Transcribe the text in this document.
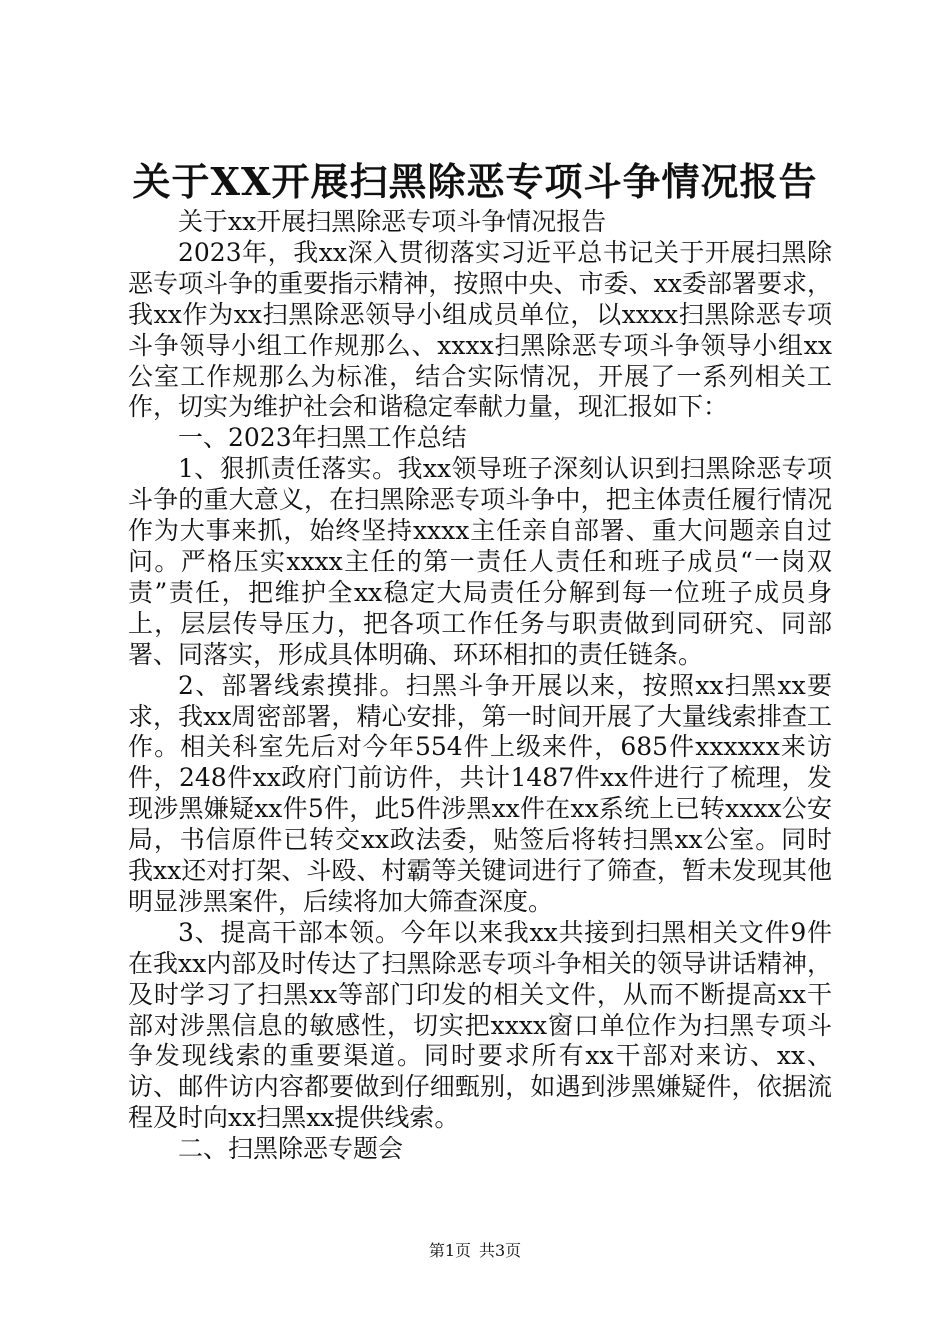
关于XX开展扫黑除恶专项斗争情况报告

关于xx开展扫黑除恶专项斗争情况报告

2023年，我xx深入贯彻落实习近平总书记关于开展扫黑除恶专项斗争的重要指示精神，按照中央、市委、xx委部署要求，我xx作为xx扫黑除恶领导小组成员单位，以xxxx扫黑除恶专项斗争领导小组工作规那么、xxxx扫黑除恶专项斗争领导小组xx公室工作规那么为标准，结合实际情况，开展了一系列相关工作，切实为维护社会和谐稳定奉献力量，现汇报如下：

一、2023年扫黑工作总结

1、狠抓责任落实。我xx领导班子深刻认识到扫黑除恶专项斗争的重大意义，在扫黑除恶专项斗争中，把主体责任履行情况作为大事来抓，始终坚持xxxx主任亲自部署、重大问题亲自过问。严格压实xxxx主任的第一责任人责任和班子成员“一岗双责”责任，把维护全xx稳定大局责任分解到每一位班子成员身上，层层传导压力，把各项工作任务与职责做到同研究、同部署、同落实，形成具体明确、环环相扣的责任链条。

2、部署线索摸排。扫黑斗争开展以来，按照xx扫黑xx要求，我xx周密部署，精心安排，第一时间开展了大量线索排查工作。相关科室先后对今年554件上级来件，685件xxxxxx来访件，248件xx政府门前访件，共计1487件xx件进行了梳理，发现涉黑嫌疑xx件5件，此5件涉黑xx件在xx系统上已转xxxx公安局，书信原件已转交xx政法委，贴签后将转扫黑xx公室。同时我xx还对打架、斗殴、村霸等关键词进行了筛查，暂未发现其他明显涉黑案件，后续将加大筛查深度。

3、提高干部本领。今年以来我xx共接到扫黑相关文件9件在我xx内部及时传达了扫黑除恶专项斗争相关的领导讲话精神，及时学习了扫黑xx等部门印发的相关文件，从而不断提高xx干部对涉黑信息的敏感性，切实把xxxx窗口单位作为扫黑专项斗争发现线索的重要渠道。同时要求所有xx干部对来访、xx、访、邮件访内容都要做到仔细甄别，如遇到涉黑嫌疑件，依据流程及时向xx扫黑xx提供线索。

二、扫黑除恶专题会

第1页 共3页
